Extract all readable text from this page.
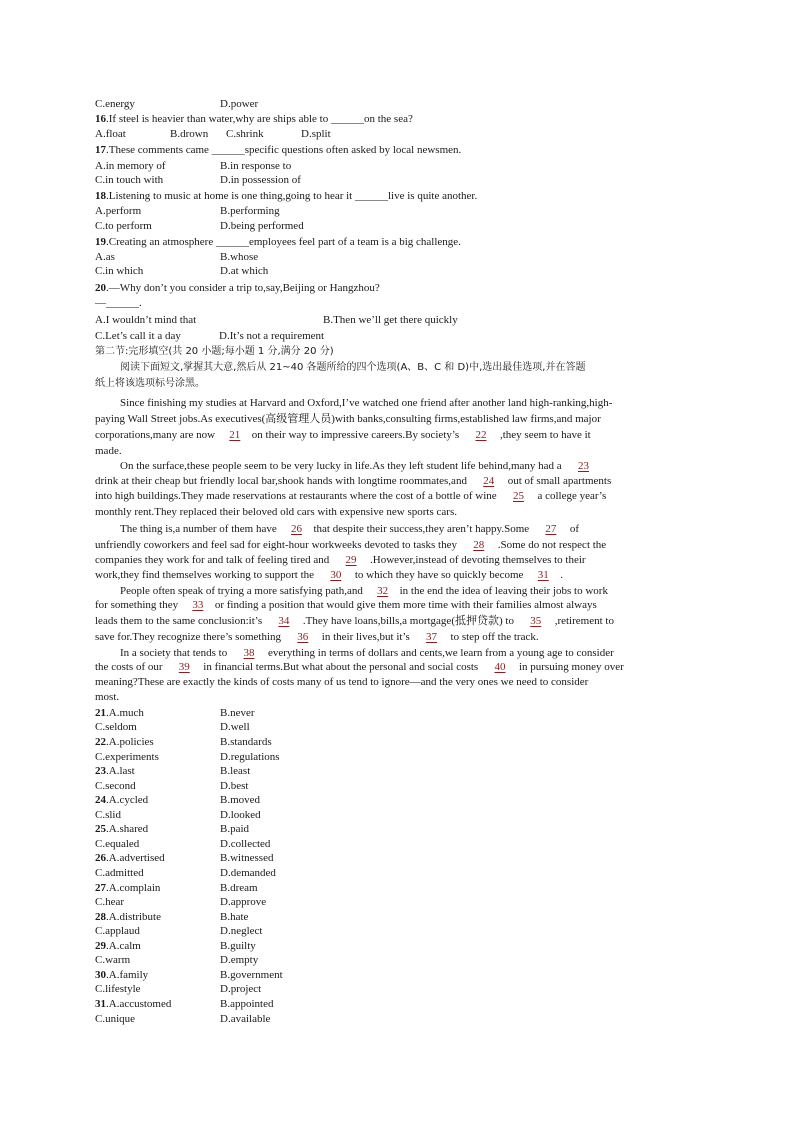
C.energy	D.power
16.If steel is heavier than water,why are ships able to ______on the sea?
A.float	B.drown C.shrink	D.split
17.These comments came ______specific questions often asked by local newsmen.
A.in memory of	B.in response to
C.in touch with	D.in possession of
18.Listening to music at home is one thing,going to hear it ______live is quite another.
A.perform	B.performing
C.to perform	D.being performed
19.Creating an atmosphere ______employees feel part of a team is a big challenge.
A.as	B.whose
C.in which	D.at which
20.—Why don’t you consider a trip to,say,Beijing or Hangzhou?
—______.
A.I wouldn’t mind that	B.Then we’ll get there quickly
C.Let’s call it a day	D.It’s not a requirement
第二节:完形填空(共 20 小题;每小题 1 分,满分 20 分)
阅读下面短文,掌握其大意,然后从 21~40 各题所给的四个选项(A、B、C 和 D)中,选出最佳选项,并在答题
纸上将该选项标号涂黑。
Since finishing my studies at Harvard and Oxford,I’ve watched one friend after another land high-ranking,high-
paying Wall Street jobs.As executives(高级管理人员)with banks,consulting firms,established law firms,and major
corporations,many are now 21 on their way to impressive careers.By society’s 22 ,they seem to have it
made.
On the surface,these people seem to be very lucky in life.As they left student life behind,many had a 23
drink at their cheap but friendly local bar,shook hands with longtime roommates,and 24 out of small apartments
into high buildings.They made reservations at restaurants where the cost of a bottle of wine 25 a college year’s
monthly rent.They replaced their beloved old cars with expensive new sports cars.
The thing is,a number of them have 26 that despite their success,they aren’t happy.Some 27 of
unfriendly coworkers and feel sad for eight-hour workweeks devoted to tasks they 28 .Some do not respect the
companies they work for and talk of feeling tired and 29 .However,instead of devoting themselves to their
work,they find themselves working to support the 30 to which they have so quickly become 31 .
People often speak of trying a more satisfying path,and 32 in the end the idea of leaving their jobs to work
for something they 33 or finding a position that would give them more time with their families almost always
leads them to the same conclusion:it’s 34 .They have loans,bills,a mortgage(抵押贷款) to 35 ,retirement to
save for.They recognize there’s something 36 in their lives,but it’s 37 to step off the track.
In a society that tends to 38 everything in terms of dollars and cents,we learn from a young age to consider
the costs of our 39 in financial terms.But what about the personal and social costs 40 in pursuing money over
meaning?These are exactly the kinds of costs many of us tend to ignore—and the very ones we need to consider
most.
21.A.much	B.never
C.seldom	D.well
22.A.policies	B.standards
C.experiments	D.regulations
23.A.last	B.least
C.second	D.best
24.A.cycled	B.moved
C.slid	D.looked
25.A.shared	B.paid
C.equaled	D.collected
26.A.advertised	B.witnessed
C.admitted	D.demanded
27.A.complain	B.dream
C.hear	D.approve
28.A.distribute	B.hate
C.applaud	D.neglect
29.A.calm	B.guilty
C.warm	D.empty
30.A.family	B.government
C.lifestyle	D.project
31.A.accustomed	B.appointed
C.unique	D.available
